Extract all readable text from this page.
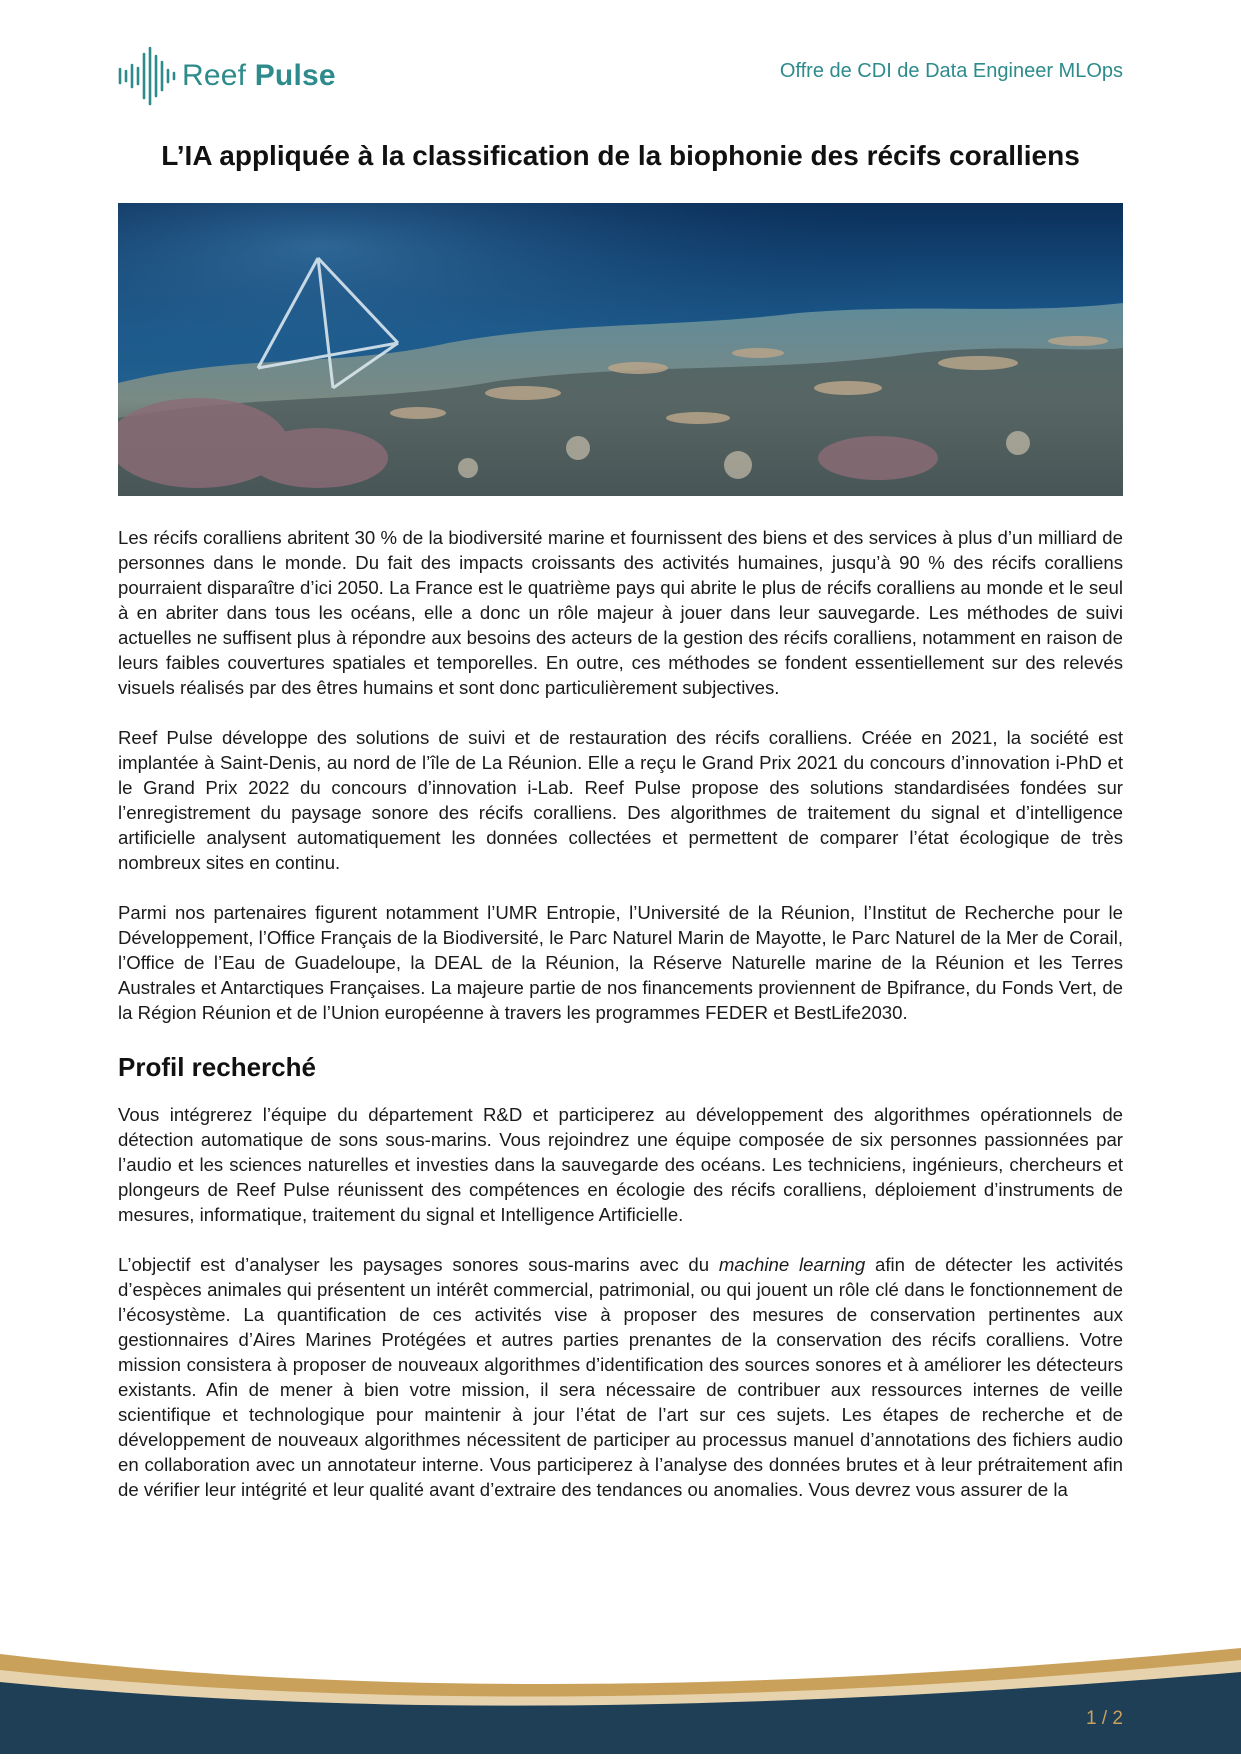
Reef Pulse	Offre de CDI de Data Engineer MLOps
L’IA appliquée à la classification de la biophonie des récifs coralliens

Les récifs coralliens abritent 30 % de la biodiversité marine et fournissent des biens et des services à plus d’un milliard de personnes dans le monde. Du fait des impacts croissants des activités humaines, jusqu’à 90 % des récifs coralliens pourraient disparaître d’ici 2050. La France est le quatrième pays qui abrite le plus de récifs coralliens au monde et le seul à en abriter dans tous les océans, elle a donc un rôle majeur à jouer dans leur sauvegarde. Les méthodes de suivi actuelles ne suffisent plus à répondre aux besoins des acteurs de la gestion des récifs coralliens, notamment en raison de leurs faibles couvertures spatiales et temporelles. En outre, ces méthodes se fondent essentiellement sur des relevés visuels réalisés par des êtres humains et sont donc particulièrement subjectives.

Reef Pulse développe des solutions de suivi et de restauration des récifs coralliens. Créée en 2021, la société est implantée à Saint-Denis, au nord de l’île de La Réunion. Elle a reçu le Grand Prix 2021 du concours d’innovation i-PhD et le Grand Prix 2022 du concours d’innovation i-Lab. Reef Pulse propose des solutions standardisées fondées sur l’enregistrement du paysage sonore des récifs coralliens. Des algorithmes de traitement du signal et d’intelligence artificielle analysent automatiquement les données collectées et permettent de comparer l’état écologique de très nombreux sites en continu.

Parmi nos partenaires figurent notamment l’UMR Entropie, l’Université de la Réunion, l’Institut de Recherche pour le Développement, l’Office Français de la Biodiversité, le Parc Naturel Marin de Mayotte, le Parc Naturel de la Mer de Corail, l’Office de l’Eau de Guadeloupe, la DEAL de la Réunion, la Réserve Naturelle marine de la Réunion et les Terres Australes et Antarctiques Françaises. La majeure partie de nos financements proviennent de Bpifrance, du Fonds Vert, de la Région Réunion et de l’Union européenne à travers les programmes FEDER et BestLife2030.

Profil recherché

Vous intégrerez l’équipe du département R&D et participerez au développement des algorithmes opérationnels de détection automatique de sons sous-marins. Vous rejoindrez une équipe composée de six personnes passionnées par l’audio et les sciences naturelles et investies dans la sauvegarde des océans. Les techniciens, ingénieurs, chercheurs et plongeurs de Reef Pulse réunissent des compétences en écologie des récifs coralliens, déploiement d’instruments de mesures, informatique, traitement du signal et Intelligence Artificielle.

L’objectif est d’analyser les paysages sonores sous-marins avec du machine learning afin de détecter les activités d’espèces animales qui présentent un intérêt commercial, patrimonial, ou qui jouent un rôle clé dans le fonctionnement de l’écosystème. La quantification de ces activités vise à proposer des mesures de conservation pertinentes aux gestionnaires d’Aires Marines Protégées et autres parties prenantes de la conservation des récifs coralliens. Votre mission consistera à proposer de nouveaux algorithmes d’identification des sources sonores et à améliorer les détecteurs existants. Afin de mener à bien votre mission, il sera nécessaire de contribuer aux ressources internes de veille scientifique et technologique pour maintenir à jour l’état de l’art sur ces sujets. Les étapes de recherche et de développement de nouveaux algorithmes nécessitent de participer au processus manuel d’annotations des fichiers audio en collaboration avec un annotateur interne. Vous participerez à l’analyse des données brutes et à leur prétraitement afin de vérifier leur intégrité et leur qualité avant d’extraire des tendances ou anomalies. Vous devrez vous assurer de la

1 / 2
